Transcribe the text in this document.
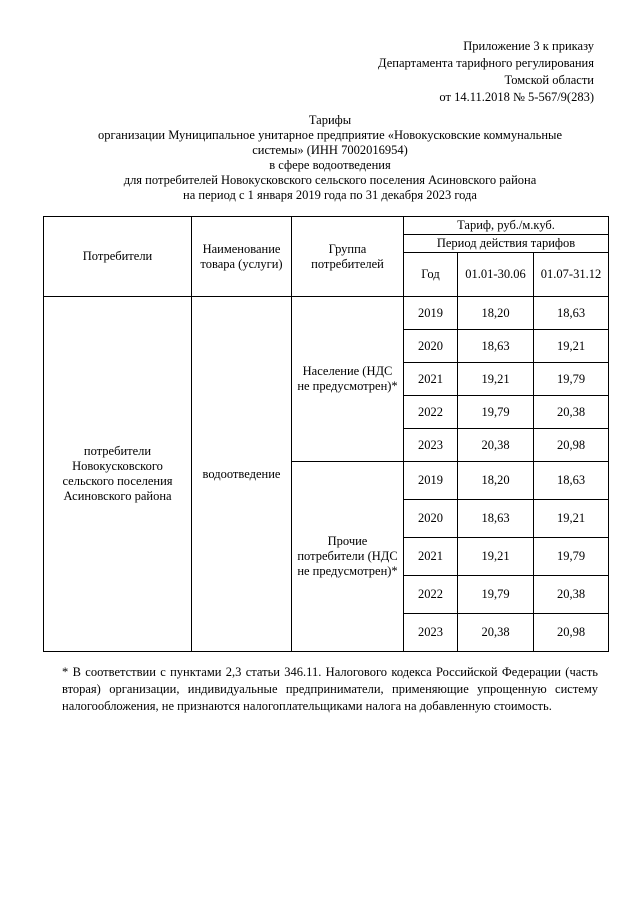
Приложение 3 к приказу
Департамента тарифного регулирования
Томской области
от 14.11.2018 № 5-567/9(283)
Тарифы
организации Муниципальное унитарное предприятие «Новокусковские коммунальные
системы» (ИНН 7002016954)
в сфере водоотведения
для потребителей Новокусковского сельского поселения Асиновского района
на период с 1 января 2019 года по 31 декабря 2023 года
Потребители	Наименование товара (услуги)	Группа потребителей	Тариф, руб./м.куб.		
			Период действия тарифов		
			Год	01.01-30.06	01.07-31.12
потребители Новокусковского сельского поселения Асиновского района	водоотведение	Население (НДС не предусмотрен)*	2019	18,20	18,63
			2020	18,63	19,21
			2021	19,21	19,79
			2022	19,79	20,38
			2023	20,38	20,98
		Прочие потребители (НДС не предусмотрен)*	2019	18,20	18,63
			2020	18,63	19,21
			2021	19,21	19,79
			2022	19,79	20,38
			2023	20,38	20,98
* В соответствии с пунктами 2,3 статьи 346.11. Налогового кодекса Российской Федерации (часть вторая) организации, индивидуальные предприниматели, применяющие упрощенную систему налогообложения, не признаются налогоплательщиками налога на добавленную стоимость.
